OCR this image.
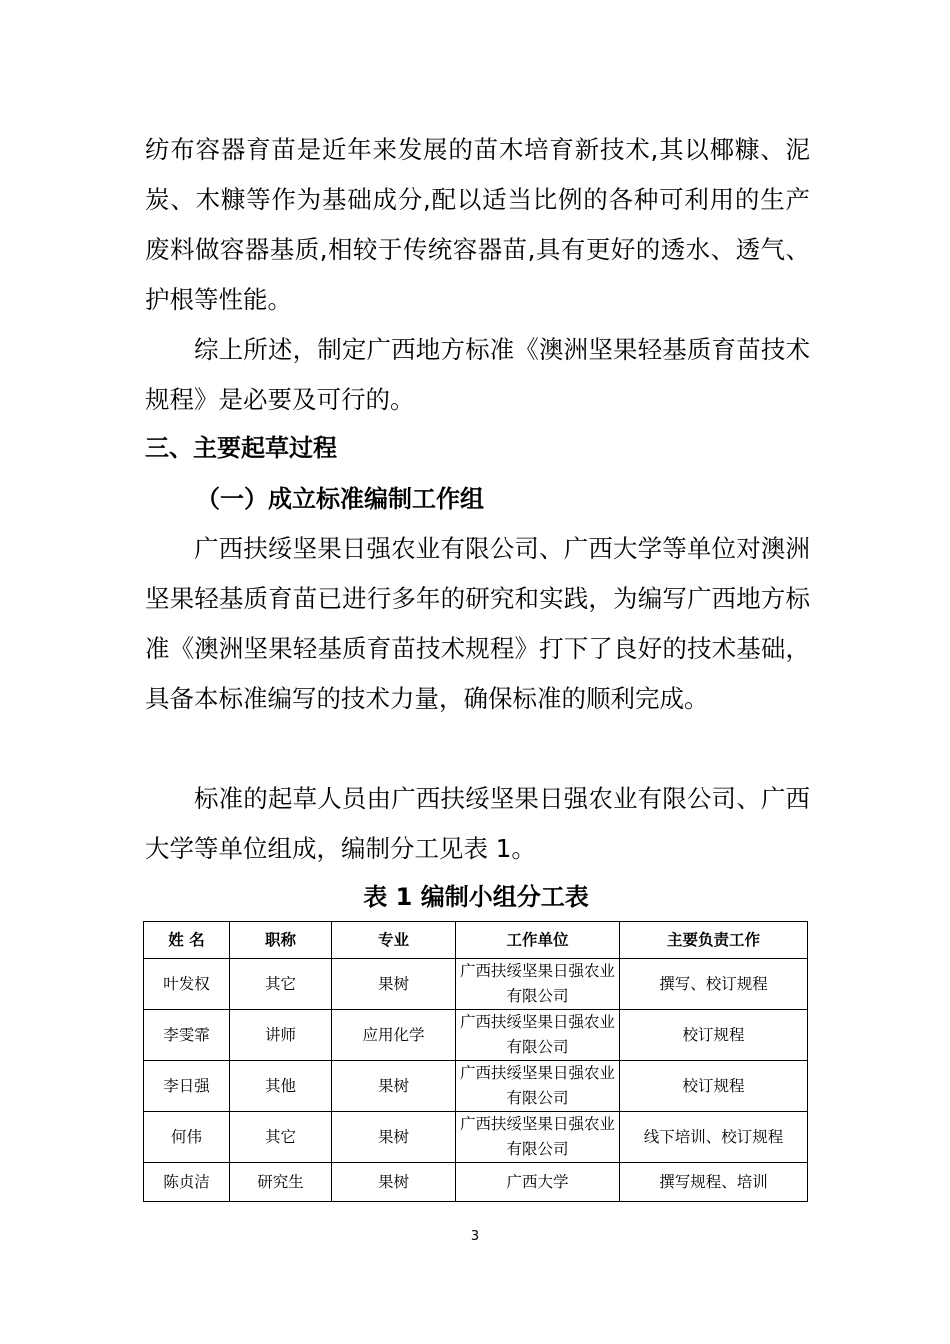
纺布容器育苗是近年来发展的苗木培育新技术,其以椰糠、泥炭、木糠等作为基础成分,配以适当比例的各种可利用的生产废料做容器基质,相较于传统容器苗,具有更好的透水、透气、护根等性能。

综上所述，制定广西地方标准《澳洲坚果轻基质育苗技术规程》是必要及可行的。

三、主要起草过程
（一）成立标准编制工作组

广西扶绥坚果日强农业有限公司、广西大学等单位对澳洲坚果轻基质育苗已进行多年的研究和实践，为编写广西地方标准《澳洲坚果轻基质育苗技术规程》打下了良好的技术基础，具备本标准编写的技术力量，确保标准的顺利完成。

标准的起草人员由广西扶绥坚果日强农业有限公司、广西大学等单位组成，编制分工见表 1。

表 1 编制小组分工表
姓 名	职称	专业	工作单位	主要负责工作
叶发权	其它	果树	广西扶绥坚果日强农业有限公司	撰写、校订规程
李雯霏	讲师	应用化学	广西扶绥坚果日强农业有限公司	校订规程
李日强	其他	果树	广西扶绥坚果日强农业有限公司	校订规程
何伟	其它	果树	广西扶绥坚果日强农业有限公司	线下培训、校订规程
陈贞洁	研究生	果树	广西大学	撰写规程、培训
3
